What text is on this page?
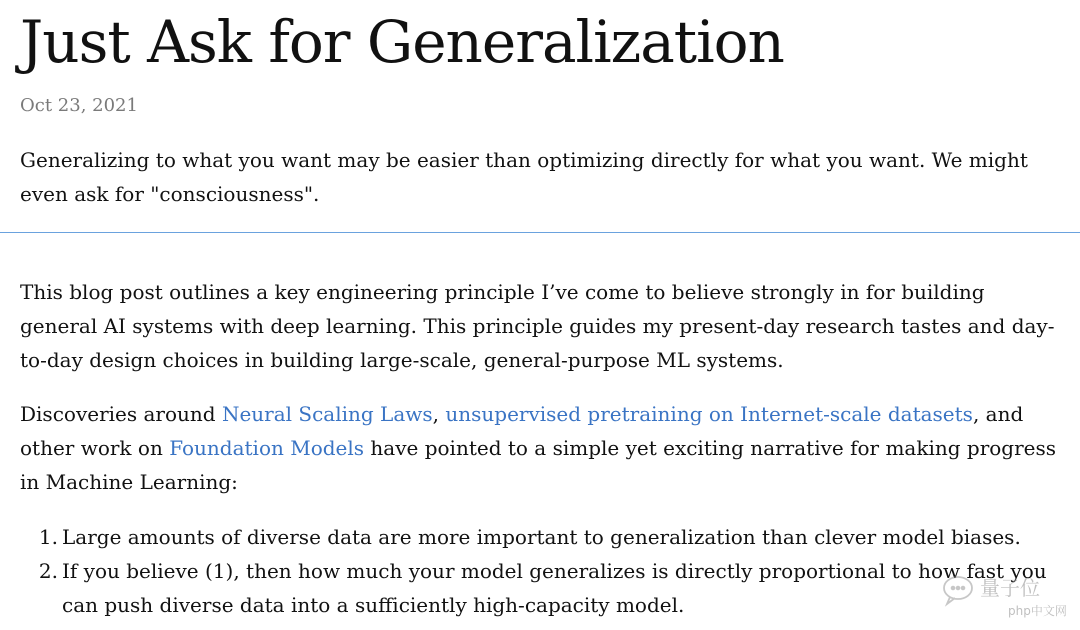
Just Ask for Generalization
Oct 23, 2021

Generalizing to what you want may be easier than optimizing directly for what you want. We might even ask for "consciousness".

This blog post outlines a key engineering principle I’ve come to believe strongly in for building general AI systems with deep learning. This principle guides my present-day research tastes and day-to-day design choices in building large-scale, general-purpose ML systems.

Discoveries around Neural Scaling Laws, unsupervised pretraining on Internet-scale datasets, and other work on Foundation Models have pointed to a simple yet exciting narrative for making progress in Machine Learning:

1. Large amounts of diverse data are more important to generalization than clever model biases.
2. If you believe (1), then how much your model generalizes is directly proportional to how fast you can push diverse data into a sufficiently high-capacity model.
量子位
php中文网
